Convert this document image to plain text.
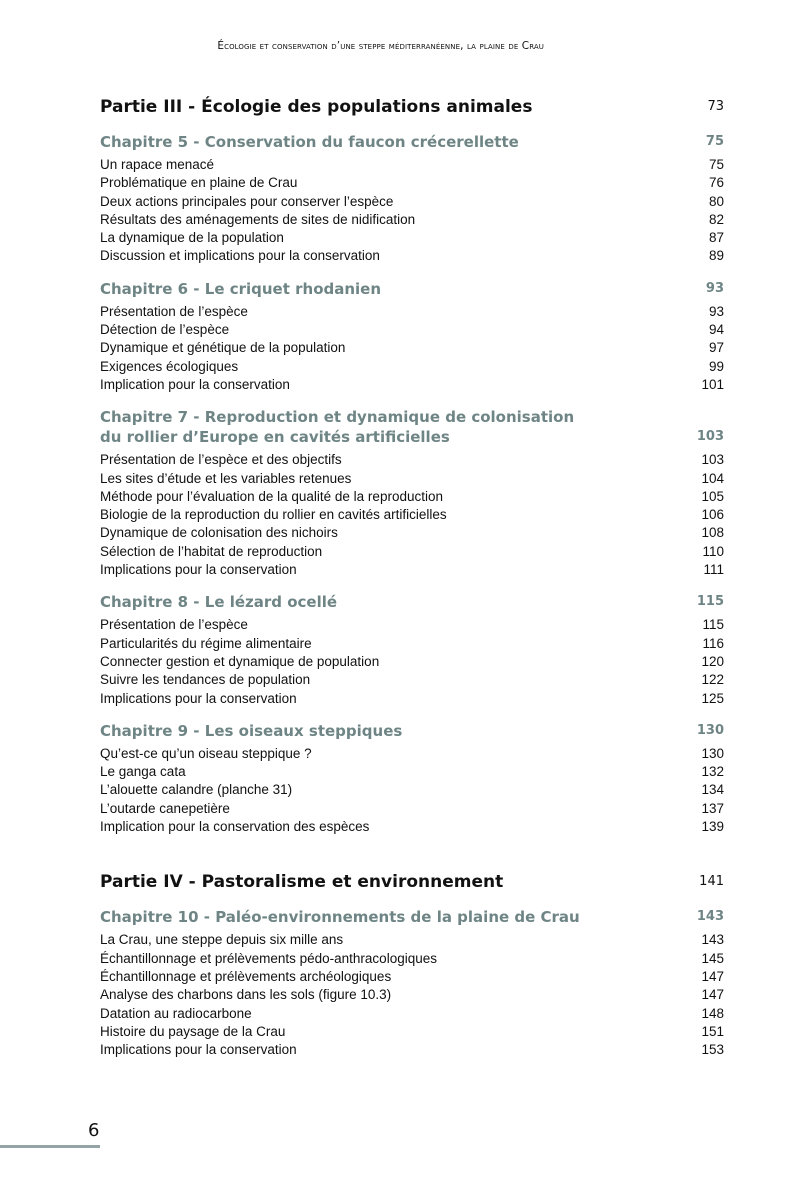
Écologie et conservation d’une steppe méditerranéenne, la plaine de Crau
Partie III - Écologie des populations animales	73
Chapitre 5 - Conservation du faucon crécerellette	75
Un rapace menacé	75
Problématique en plaine de Crau	76
Deux actions principales pour conserver l’espèce	80
Résultats des aménagements de sites de nidification	82
La dynamique de la population	87
Discussion et implications pour la conservation	89
Chapitre 6 - Le criquet rhodanien	93
Présentation de l’espèce	93
Détection de l’espèce	94
Dynamique et génétique de la population	97
Exigences écologiques	99
Implication pour la conservation	101
Chapitre 7 - Reproduction et dynamique de colonisation
du rollier d’Europe en cavités artificielles	103
Présentation de l’espèce et des objectifs	103
Les sites d’étude et les variables retenues	104
Méthode pour l’évaluation de la qualité de la reproduction	105
Biologie de la reproduction du rollier en cavités artificielles	106
Dynamique de colonisation des nichoirs	108
Sélection de l’habitat de reproduction	110
Implications pour la conservation	111
Chapitre 8 - Le lézard ocellé	115
Présentation de l’espèce	115
Particularités du régime alimentaire	116
Connecter gestion et dynamique de population	120
Suivre les tendances de population	122
Implications pour la conservation	125
Chapitre 9 - Les oiseaux steppiques	130
Qu’est-ce qu’un oiseau steppique ?	130
Le ganga cata	132
L’alouette calandre (planche 31)	134
L’outarde canepetière	137
Implication pour la conservation des espèces	139
Partie IV - Pastoralisme et environnement	141
Chapitre 10 - Paléo-environnements de la plaine de Crau	143
La Crau, une steppe depuis six mille ans	143
Échantillonnage et prélèvements pédo-anthracologiques	145
Échantillonnage et prélèvements archéologiques	147
Analyse des charbons dans les sols (figure 10.3)	147
Datation au radiocarbone	148
Histoire du paysage de la Crau	151
Implications pour la conservation	153
6
